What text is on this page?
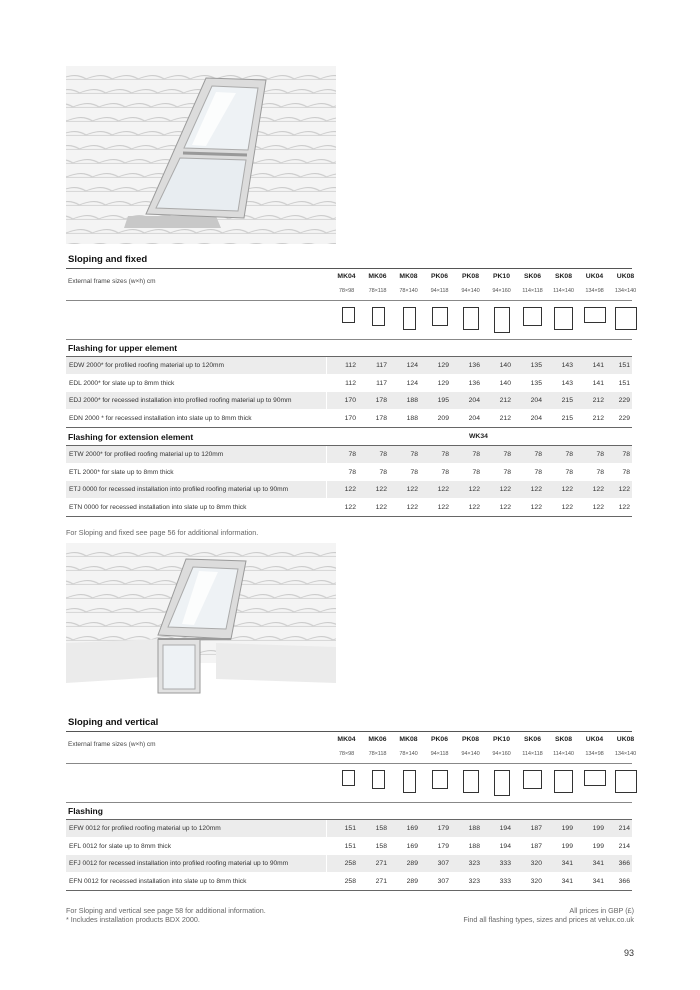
Sloping and fixed
External frame sizes (w×h) cm
MK04	MK06	MK08	PK06	PK08	PK10	SK06	SK08	UK04	UK08
78×98	78×118	78×140	94×118	94×140	94×160	114×118	114×140	134×98	134×140
Flashing for upper element
EDW 2000* for profiled roofing material up to 120mm	112	117	124	129	136	140	135	143	141	151
EDL 2000* for slate up to 8mm thick	112	117	124	129	136	140	135	143	141	151
EDJ 2000* for recessed installation into profiled roofing material up to 90mm	170	178	188	195	204	212	204	215	212	229
EDN 2000 * for recessed installation into slate up to 8mm thick	170	178	188	209	204	212	204	215	212	229
Flashing for extension element	WK34
ETW 2000* for profiled roofing material up to 120mm	78	78	78	78	78	78	78	78	78	78
ETL 2000* for slate up to 8mm thick	78	78	78	78	78	78	78	78	78	78
ETJ 0000 for recessed installation into profiled roofing material up to 90mm	122	122	122	122	122	122	122	122	122	122
ETN 0000 for recessed installation into slate up to 8mm thick	122	122	122	122	122	122	122	122	122	122
For Sloping and fixed see page 56 for additional information.
Sloping and vertical
External frame sizes (w×h) cm
MK04	MK06	MK08	PK06	PK08	PK10	SK06	SK08	UK04	UK08
78×98	78×118	78×140	94×118	94×140	94×160	114×118	114×140	134×98	134×140
Flashing
EFW 0012 for profiled roofing material up to 120mm	151	158	169	179	188	194	187	199	199	214
EFL 0012 for slate up to 8mm thick	151	158	169	179	188	194	187	199	199	214
EFJ 0012 for recessed installation into profiled roofing material up to 90mm	258	271	289	307	323	333	320	341	341	366
EFN 0012 for recessed installation into slate up to 8mm thick	258	271	289	307	323	333	320	341	341	366
For Sloping and vertical see page 58 for additional information.
* Includes installation products BDX 2000.
All prices in GBP (£)
Find all flashing types, sizes and prices at velux.co.uk
93
